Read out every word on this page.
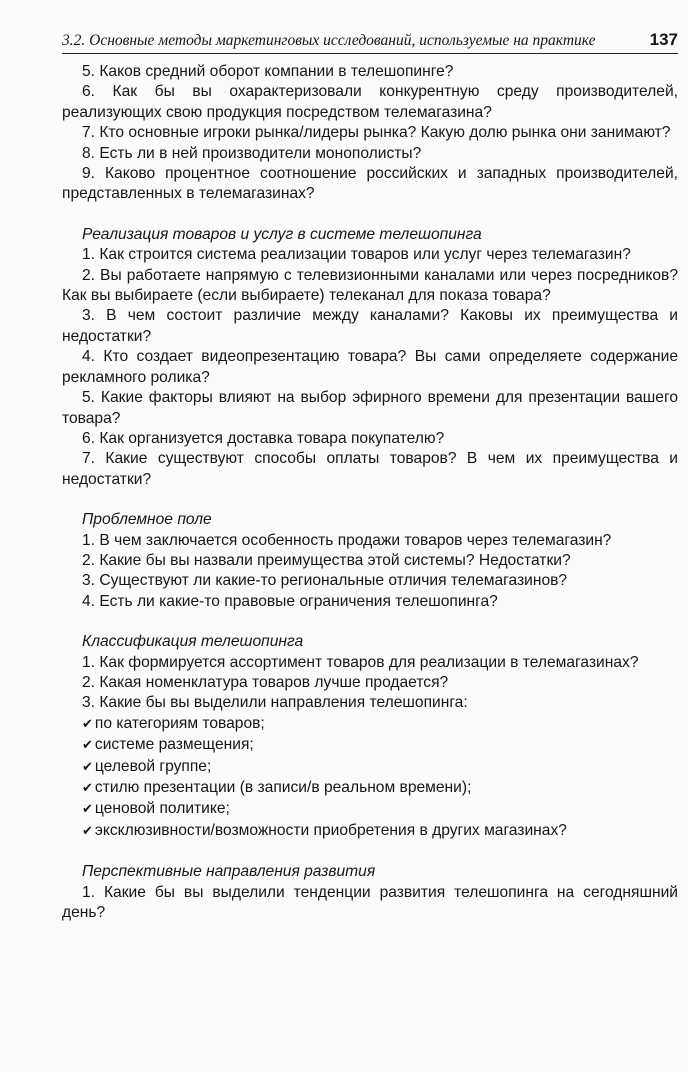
3.2. Основные методы маркетинговых исследований, используемые на практике	137

5. Каков средний оборот компании в телешопинге?

6. Как бы вы охарактеризовали конкурентную среду производителей, реализующих свою продукция посредством телемагазина?

7. Кто основные игроки рынка/лидеры рынка? Какую долю рынка они занимают?

8. Есть ли в ней производители монополисты?

9. Каково процентное соотношение российских и западных производителей, представленных в телемагазинах?

Реализация товаров и услуг в системе телешопинга

1. Как строится система реализации товаров или услуг через телемагазин?

2. Вы работаете напрямую с телевизионными каналами или через посредников? Как вы выбираете (если выбираете) телеканал для показа товара?

3. В чем состоит различие между каналами? Каковы их преимущества и недостатки?

4. Кто создает видеопрезентацию товара? Вы сами определяете содержание рекламного ролика?

5. Какие факторы влияют на выбор эфирного времени для презентации вашего товара?

6. Как организуется доставка товара покупателю?

7. Какие существуют способы оплаты товаров? В чем их преимущества и недостатки?

Проблемное поле

1. В чем заключается особенность продажи товаров через телемагазин?

2. Какие бы вы назвали преимущества этой системы? Недостатки?

3. Существуют ли какие-то региональные отличия телемагазинов?

4. Есть ли какие-то правовые ограничения телешопинга?

Классификация телешопинга

1. Как формируется ассортимент товаров для реализации в телемагазинах?

2. Какая номенклатура товаров лучше продается?

3. Какие бы вы выделили направления телешопинга:

✔ по категориям товаров;

✔ системе размещения;

✔ целевой группе;

✔ стилю презентации (в записи/в реальном времени);

✔ ценовой политике;

✔ эксклюзивности/возможности приобретения в других магазинах?

Перспективные направления развития

1. Какие бы вы выделили тенденции развития телешопинга на сегодняшний день?
